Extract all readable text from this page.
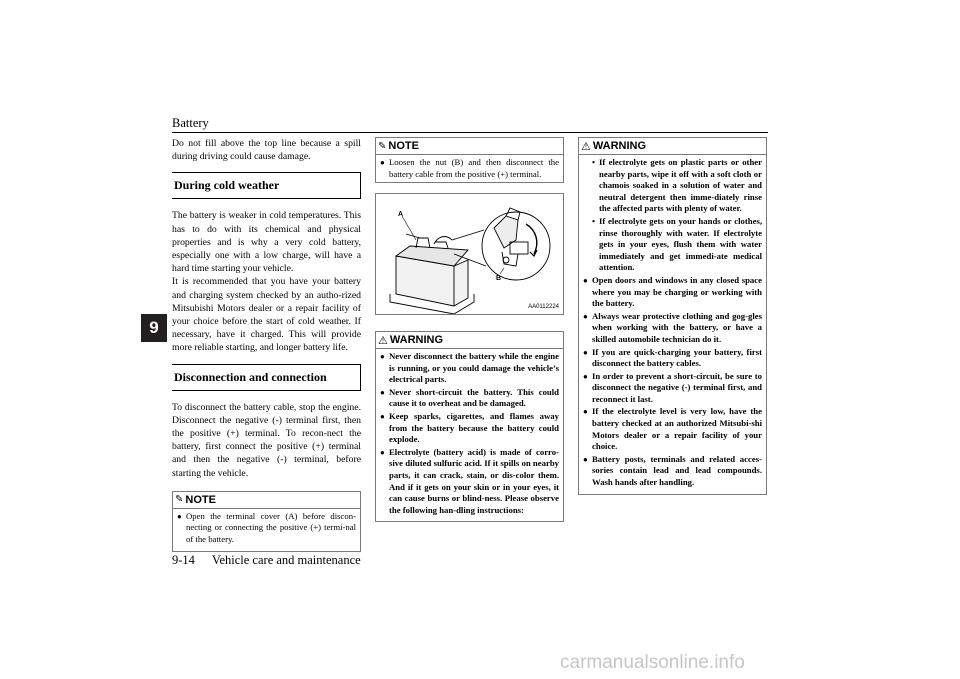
Battery
9

Do not fill above the top line because a spill during driving could cause damage.

During cold weather

The battery is weaker in cold temperatures. This has to do with its chemical and physical properties and is why a very cold battery, especially one with a low charge, will have a hard time starting your vehicle.

It is recommended that you have your battery and charging system checked by an autho-rized Mitsubishi Motors dealer or a repair facility of your choice before the start of cold weather. If necessary, have it charged. This will provide more reliable starting, and longer battery life.

Disconnection and connection

To disconnect the battery cable, stop the engine. Disconnect the negative (-) terminal first, then the positive (+) terminal. To recon-nect the battery, first connect the positive (+) terminal and then the negative (-) terminal, before starting the vehicle.

✎ NOTE
● Open the terminal cover (A) before discon-necting or connecting the positive (+) termi-nal of the battery.
✎ NOTE
● Loosen the nut (B) and then disconnect the battery cable from the positive (+) terminal.
A
B
AA0112224
⚠ WARNING
● Never disconnect the battery while the engine is running, or you could damage the vehicle’s electrical parts.
● Never short-circuit the battery. This could cause it to overheat and be damaged.
● Keep sparks, cigarettes, and flames away from the battery because the battery could explode.
● Electrolyte (battery acid) is made of corro-sive diluted sulfuric acid. If it spills on nearby parts, it can crack, stain, or dis-color them. And if it gets on your skin or in your eyes, it can cause burns or blind-ness. Please observe the following han-dling instructions:
⚠ WARNING
• If electrolyte gets on plastic parts or other nearby parts, wipe it off with a soft cloth or chamois soaked in a solution of water and neutral detergent then imme-diately rinse the affected parts with plenty of water.
• If electrolyte gets on your hands or clothes, rinse thoroughly with water. If electrolyte gets in your eyes, flush them with water immediately and get immedi-ate medical attention.
● Open doors and windows in any closed space where you may be charging or working with the battery.
● Always wear protective clothing and gog-gles when working with the battery, or have a skilled automobile technician do it.
● If you are quick-charging your battery, first disconnect the battery cables.
● In order to prevent a short-circuit, be sure to disconnect the negative (-) terminal first, and reconnect it last.
● If the electrolyte level is very low, have the battery checked at an authorized Mitsubi-shi Motors dealer or a repair facility of your choice.
● Battery posts, terminals and related acces-sories contain lead and lead compounds. Wash hands after handling.
9-14 Vehicle care and maintenance
carmanualsonline.info
